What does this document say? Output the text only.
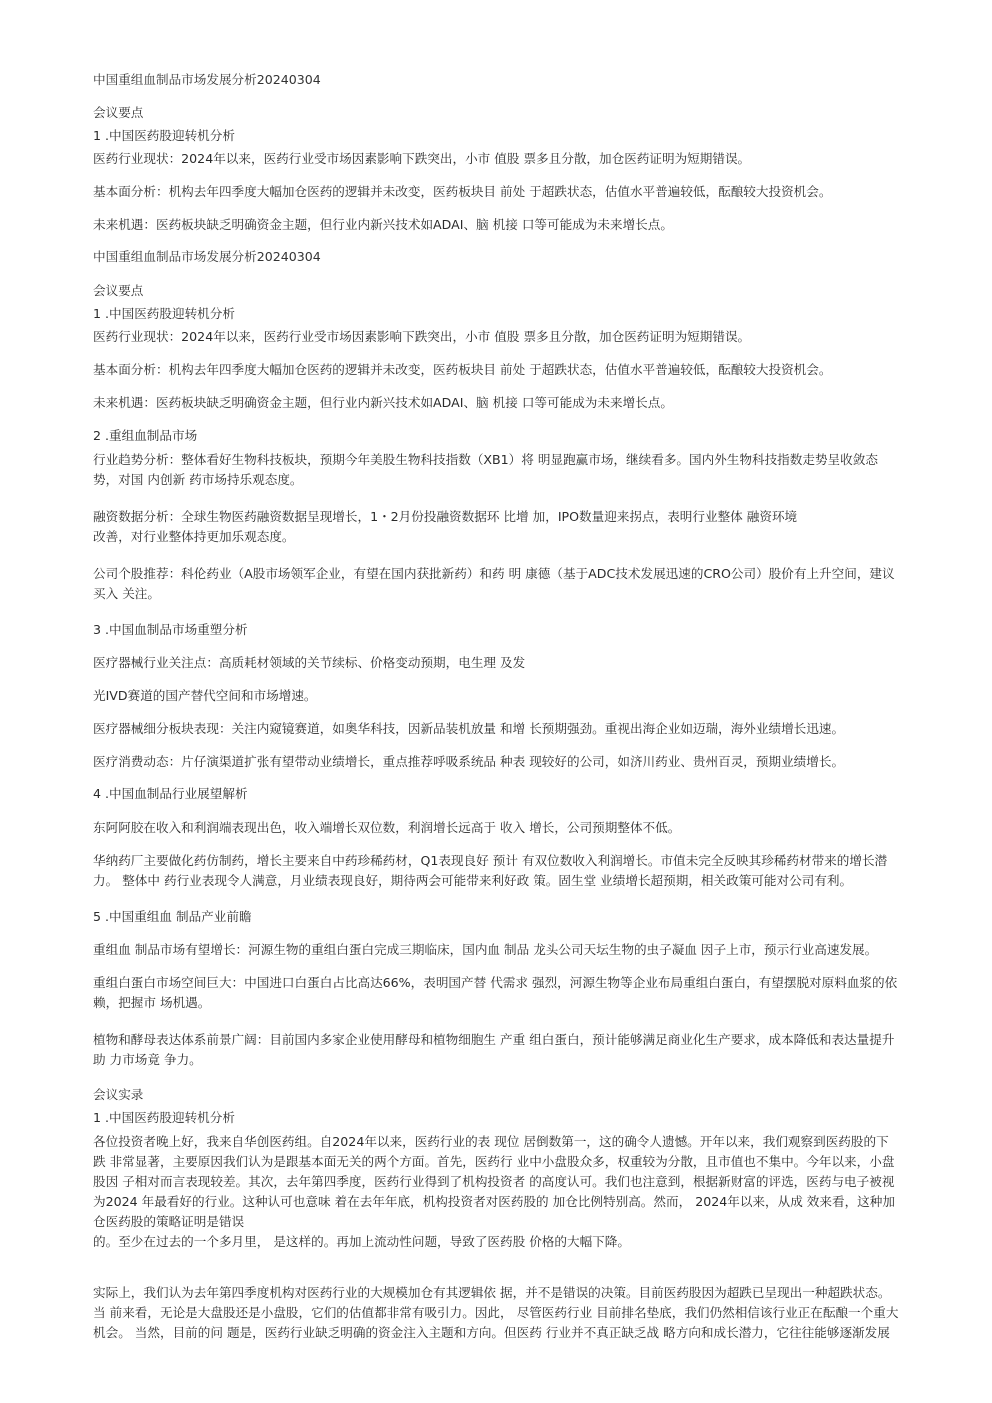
中国重组血制品市场发展分析20240304

会议要点

1 .中国医药股迎转机分析

医药行业现状：2024年以来，医药行业受市场因素影响下跌突出，小市 值股 票多且分散，加仓医药证明为短期错误。

基本面分析：机构去年四季度大幅加仓医药的逻辑并未改变，医药板块目 前处 于超跌状态，估值水平普遍较低，酝酿较大投资机会。

未来机遇：医药板块缺乏明确资金主题，但行业内新兴技术如ADAI、脑 机接 口等可能成为未来增长点。

中国重组血制品市场发展分析20240304

会议要点

1 .中国医药股迎转机分析

医药行业现状：2024年以来，医药行业受市场因素影响下跌突出，小市 值股 票多且分散，加仓医药证明为短期错误。

基本面分析：机构去年四季度大幅加仓医药的逻辑并未改变，医药板块目 前处 于超跌状态，估值水平普遍较低，酝酿较大投资机会。

未来机遇：医药板块缺乏明确资金主题，但行业内新兴技术如ADAI、脑 机接 口等可能成为未来增长点。

2 .重组血制品市场

行业趋势分析：整体看好生物科技板块，预期今年美股生物科技指数（XB1）将 明显跑赢市场，继续看多。国内外生物科技指数走势呈收敛态

势，对国 内创新 药市场持乐观态度。

融资数据分析：全球生物医药融资数据呈现增长，1・2月份投融资数据环 比增 加，IPO数量迎来拐点，表明行业整体 融资环境

改善，对行业整体持更加乐观态度。

公司个股推荐：科伦药业（A股市场领军企业，有望在国内获批新药）和药 明 康德（基于ADC技术发展迅速的CRO公司）股价有上升空间，建议

买入 关注。

3 .中国血制品市场重塑分析

医疗器械行业关注点：高质耗材领域的关节续标、价格变动预期，电生理 及发

光IVD赛道的国产替代空间和市场增速。

医疗器械细分板块表现：关注内窥镜赛道，如奥华科技，因新品装机放量 和增 长预期强劲。重视出海企业如迈瑞，海外业绩增长迅速。

医疗消费动态：片仔演渠道扩张有望带动业绩增长，重点推荐呼吸系统品 种表 现较好的公司，如济川药业、贵州百灵，预期业绩增长。

4 .中国血制品行业展望解析

东阿阿胶在收入和利润端表现出色，收入端增长双位数，利润增长远高于 收入 增长，公司预期整体不低。

华纳药厂主要做化药仿制药，增长主要来自中药珍稀药材，Q1表现良好 预计 有双位数收入利润增长。市值未完全反映其珍稀药材带来的增长潜

力。 整体中 药行业表现令人满意，月业绩表现良好，期待两会可能带来利好政 策。固生堂 业绩增长超预期，相关政策可能对公司有利。

5 .中国重组血 制品产业前瞻

重组血 制品市场有望增长：河源生物的重组白蛋白完成三期临床，国内血 制品 龙头公司天坛生物的虫子凝血 因子上市，预示行业高速发展。

重组白蛋白市场空间巨大：中国进口白蛋白占比高达66%，表明国产替 代需求 强烈，河源生物等企业布局重组白蛋白，有望摆脱对原料血浆的依

赖，把握市 场机遇。

植物和酵母表达体系前景广阔：目前国内多家企业使用酵母和植物细胞生 产重 组白蛋白，预计能够满足商业化生产要求，成本降低和表达量提升

助 力市场竟 争力。

会议实录

1 .中国医药股迎转机分析

各位投资者晚上好，我来自华创医药组。自2024年以来，医药行业的表 现位 居倒数第一，这的确令人遗憾。开年以来，我们观察到医药股的下

跌 非常显著，主要原因我们认为是跟基本面无关的两个方面。首先，医药行 业中小盘股众多，权重较为分散，且市值也不集中。今年以来，小盘

股因 子相对而言表现较差。其次，去年第四季度，医药行业得到了机构投资者 的高度认可。我们也注意到，根据新财富的评选，医药与电子被视

为2024 年最看好的行业。这种认可也意味 着在去年年底，机构投资者对医药股的 加仓比例特别高。然而， 2024年以来，从成 效来看，这种加

仓医药股的策略证明是错误

的。至少在过去的一个多月里， 是这样的。再加上流动性问题，导致了医药股 价格的大幅下降。

实际上，我们认为去年第四季度机构对医药行业的大规模加仓有其逻辑依 据，并不是错误的决策。目前医药股因为超跌已呈现出一种超跌状态。

当 前来看，无论是大盘股还是小盘股，它们的估值都非常有吸引力。因此， 尽管医药行业 目前排名垫底，我们仍然相信该行业正在酝酿一个重大

机会。 当然，目前的问 题是，医药行业缺乏明确的资金注入主题和方向。但医药 行业并不真正缺乏战 略方向和成长潜力，它往往能够逐渐发展
